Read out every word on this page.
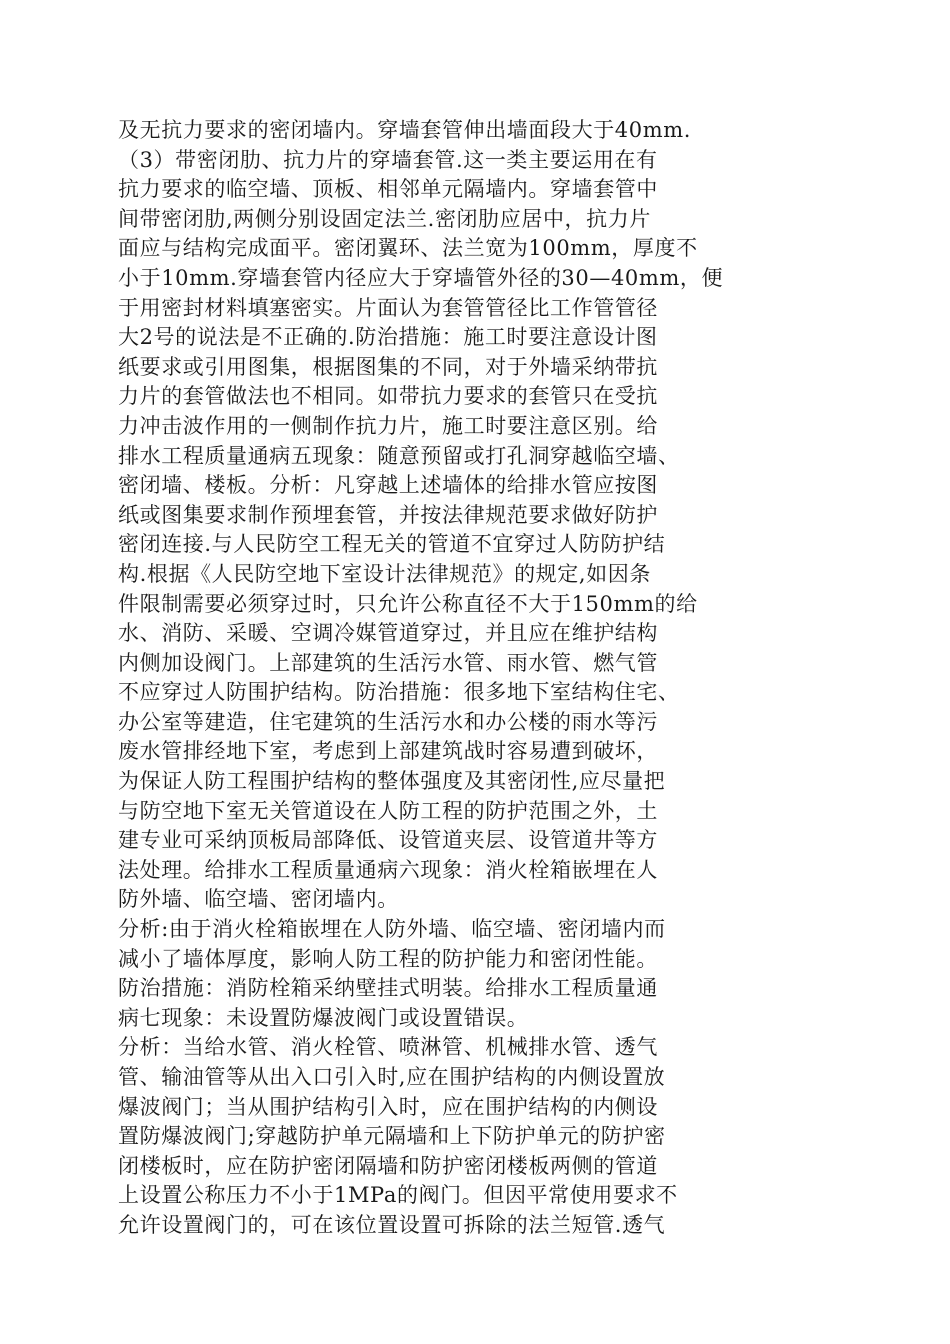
及无抗力要求的密闭墙内。穿墙套管伸出墙面段大于40mm.
（3）带密闭肋、抗力片的穿墙套管.这一类主要运用在有
抗力要求的临空墙、顶板、相邻单元隔墙内。穿墙套管中
间带密闭肋,两侧分别设固定法兰.密闭肋应居中，抗力片
面应与结构完成面平。密闭翼环、法兰宽为100mm，厚度不
小于10mm.穿墙套管内径应大于穿墙管外径的30—40mm，便
于用密封材料填塞密实。片面认为套管管径比工作管管径
大2号的说法是不正确的.防治措施：施工时要注意设计图
纸要求或引用图集，根据图集的不同，对于外墙采纳带抗
力片的套管做法也不相同。如带抗力要求的套管只在受抗
力冲击波作用的一侧制作抗力片，施工时要注意区别。给
排水工程质量通病五现象：随意预留或打孔洞穿越临空墙、
密闭墙、楼板。分析：凡穿越上述墙体的给排水管应按图
纸或图集要求制作预埋套管，并按法律规范要求做好防护
密闭连接.与人民防空工程无关的管道不宜穿过人防防护结
构.根据《人民防空地下室设计法律规范》的规定,如因条
件限制需要必须穿过时，只允许公称直径不大于150mm的给
水、消防、采暖、空调冷媒管道穿过，并且应在维护结构
内侧加设阀门。上部建筑的生活污水管、雨水管、燃气管
不应穿过人防围护结构。防治措施：很多地下室结构住宅、
办公室等建造，住宅建筑的生活污水和办公楼的雨水等污
废水管排经地下室，考虑到上部建筑战时容易遭到破坏，
为保证人防工程围护结构的整体强度及其密闭性,应尽量把
与防空地下室无关管道设在人防工程的防护范围之外，土
建专业可采纳顶板局部降低、设管道夹层、设管道井等方
法处理。给排水工程质量通病六现象：消火栓箱嵌埋在人
防外墙、临空墙、密闭墙内。
分析:由于消火栓箱嵌埋在人防外墙、临空墙、密闭墙内而
减小了墙体厚度，影响人防工程的防护能力和密闭性能。
防治措施：消防栓箱采纳壁挂式明装。给排水工程质量通
病七现象：未设置防爆波阀门或设置错误。
分析：当给水管、消火栓管、喷淋管、机械排水管、透气
管、输油管等从出入口引入时,应在围护结构的内侧设置放
爆波阀门；当从围护结构引入时，应在围护结构的内侧设
置防爆波阀门;穿越防护单元隔墙和上下防护单元的防护密
闭楼板时，应在防护密闭隔墙和防护密闭楼板两侧的管道
上设置公称压力不小于1MPa的阀门。但因平常使用要求不
允许设置阀门的，可在该位置设置可拆除的法兰短管.透气
